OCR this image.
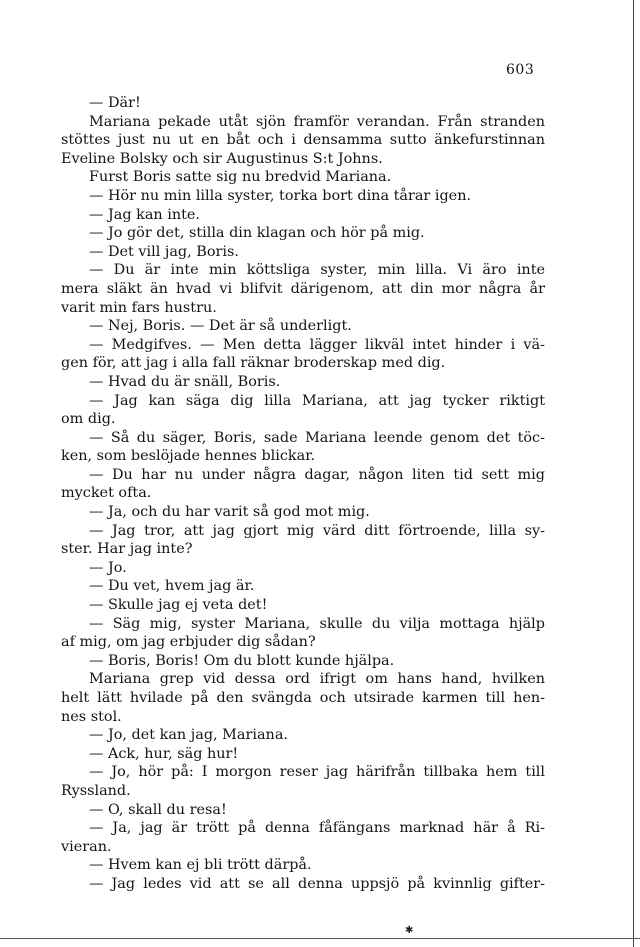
603
— Där!
Mariana pekade utåt sjön framför verandan. Från stranden
stöttes just nu ut en båt och i densamma sutto änkefurstinnan
Eveline Bolsky och sir Augustinus S:t Johns.
Furst Boris satte sig nu bredvid Mariana.
— Hör nu min lilla syster, torka bort dina tårar igen.
— Jag kan inte.
— Jo gör det, stilla din klagan och hör på mig.
— Det vill jag, Boris.
— Du är inte min köttsliga syster, min lilla. Vi äro inte
mera släkt än hvad vi blifvit därigenom, att din mor några år
varit min fars hustru.
— Nej, Boris. — Det är så underligt.
— Medgifves. — Men detta lägger likväl intet hinder i vä-
gen för, att jag i alla fall räknar broderskap med dig.
— Hvad du är snäll, Boris.
— Jag kan säga dig lilla Mariana, att jag tycker riktigt
om dig.
— Så du säger, Boris, sade Mariana leende genom det töc-
ken, som beslöjade hennes blickar.
— Du har nu under några dagar, någon liten tid sett mig
mycket ofta.
— Ja, och du har varit så god mot mig.
— Jag tror, att jag gjort mig värd ditt förtroende, lilla sy-
ster. Har jag inte?
— Jo.
— Du vet, hvem jag är.
— Skulle jag ej veta det!
— Säg mig, syster Mariana, skulle du vilja mottaga hjälp
af mig, om jag erbjuder dig sådan?
— Boris, Boris! Om du blott kunde hjälpa.
Mariana grep vid dessa ord ifrigt om hans hand, hvilken
helt lätt hvilade på den svängda och utsirade karmen till hen-
nes stol.
— Jo, det kan jag, Mariana.
— Ack, hur, säg hur!
— Jo, hör på: I morgon reser jag härifrån tillbaka hem till
Ryssland.
— O, skall du resa!
— Ja, jag är trött på denna fåfängans marknad här å Ri-
vieran.
— Hvem kan ej bli trött därpå.
— Jag ledes vid att se all denna uppsjö på kvinnlig gifter-
✱
